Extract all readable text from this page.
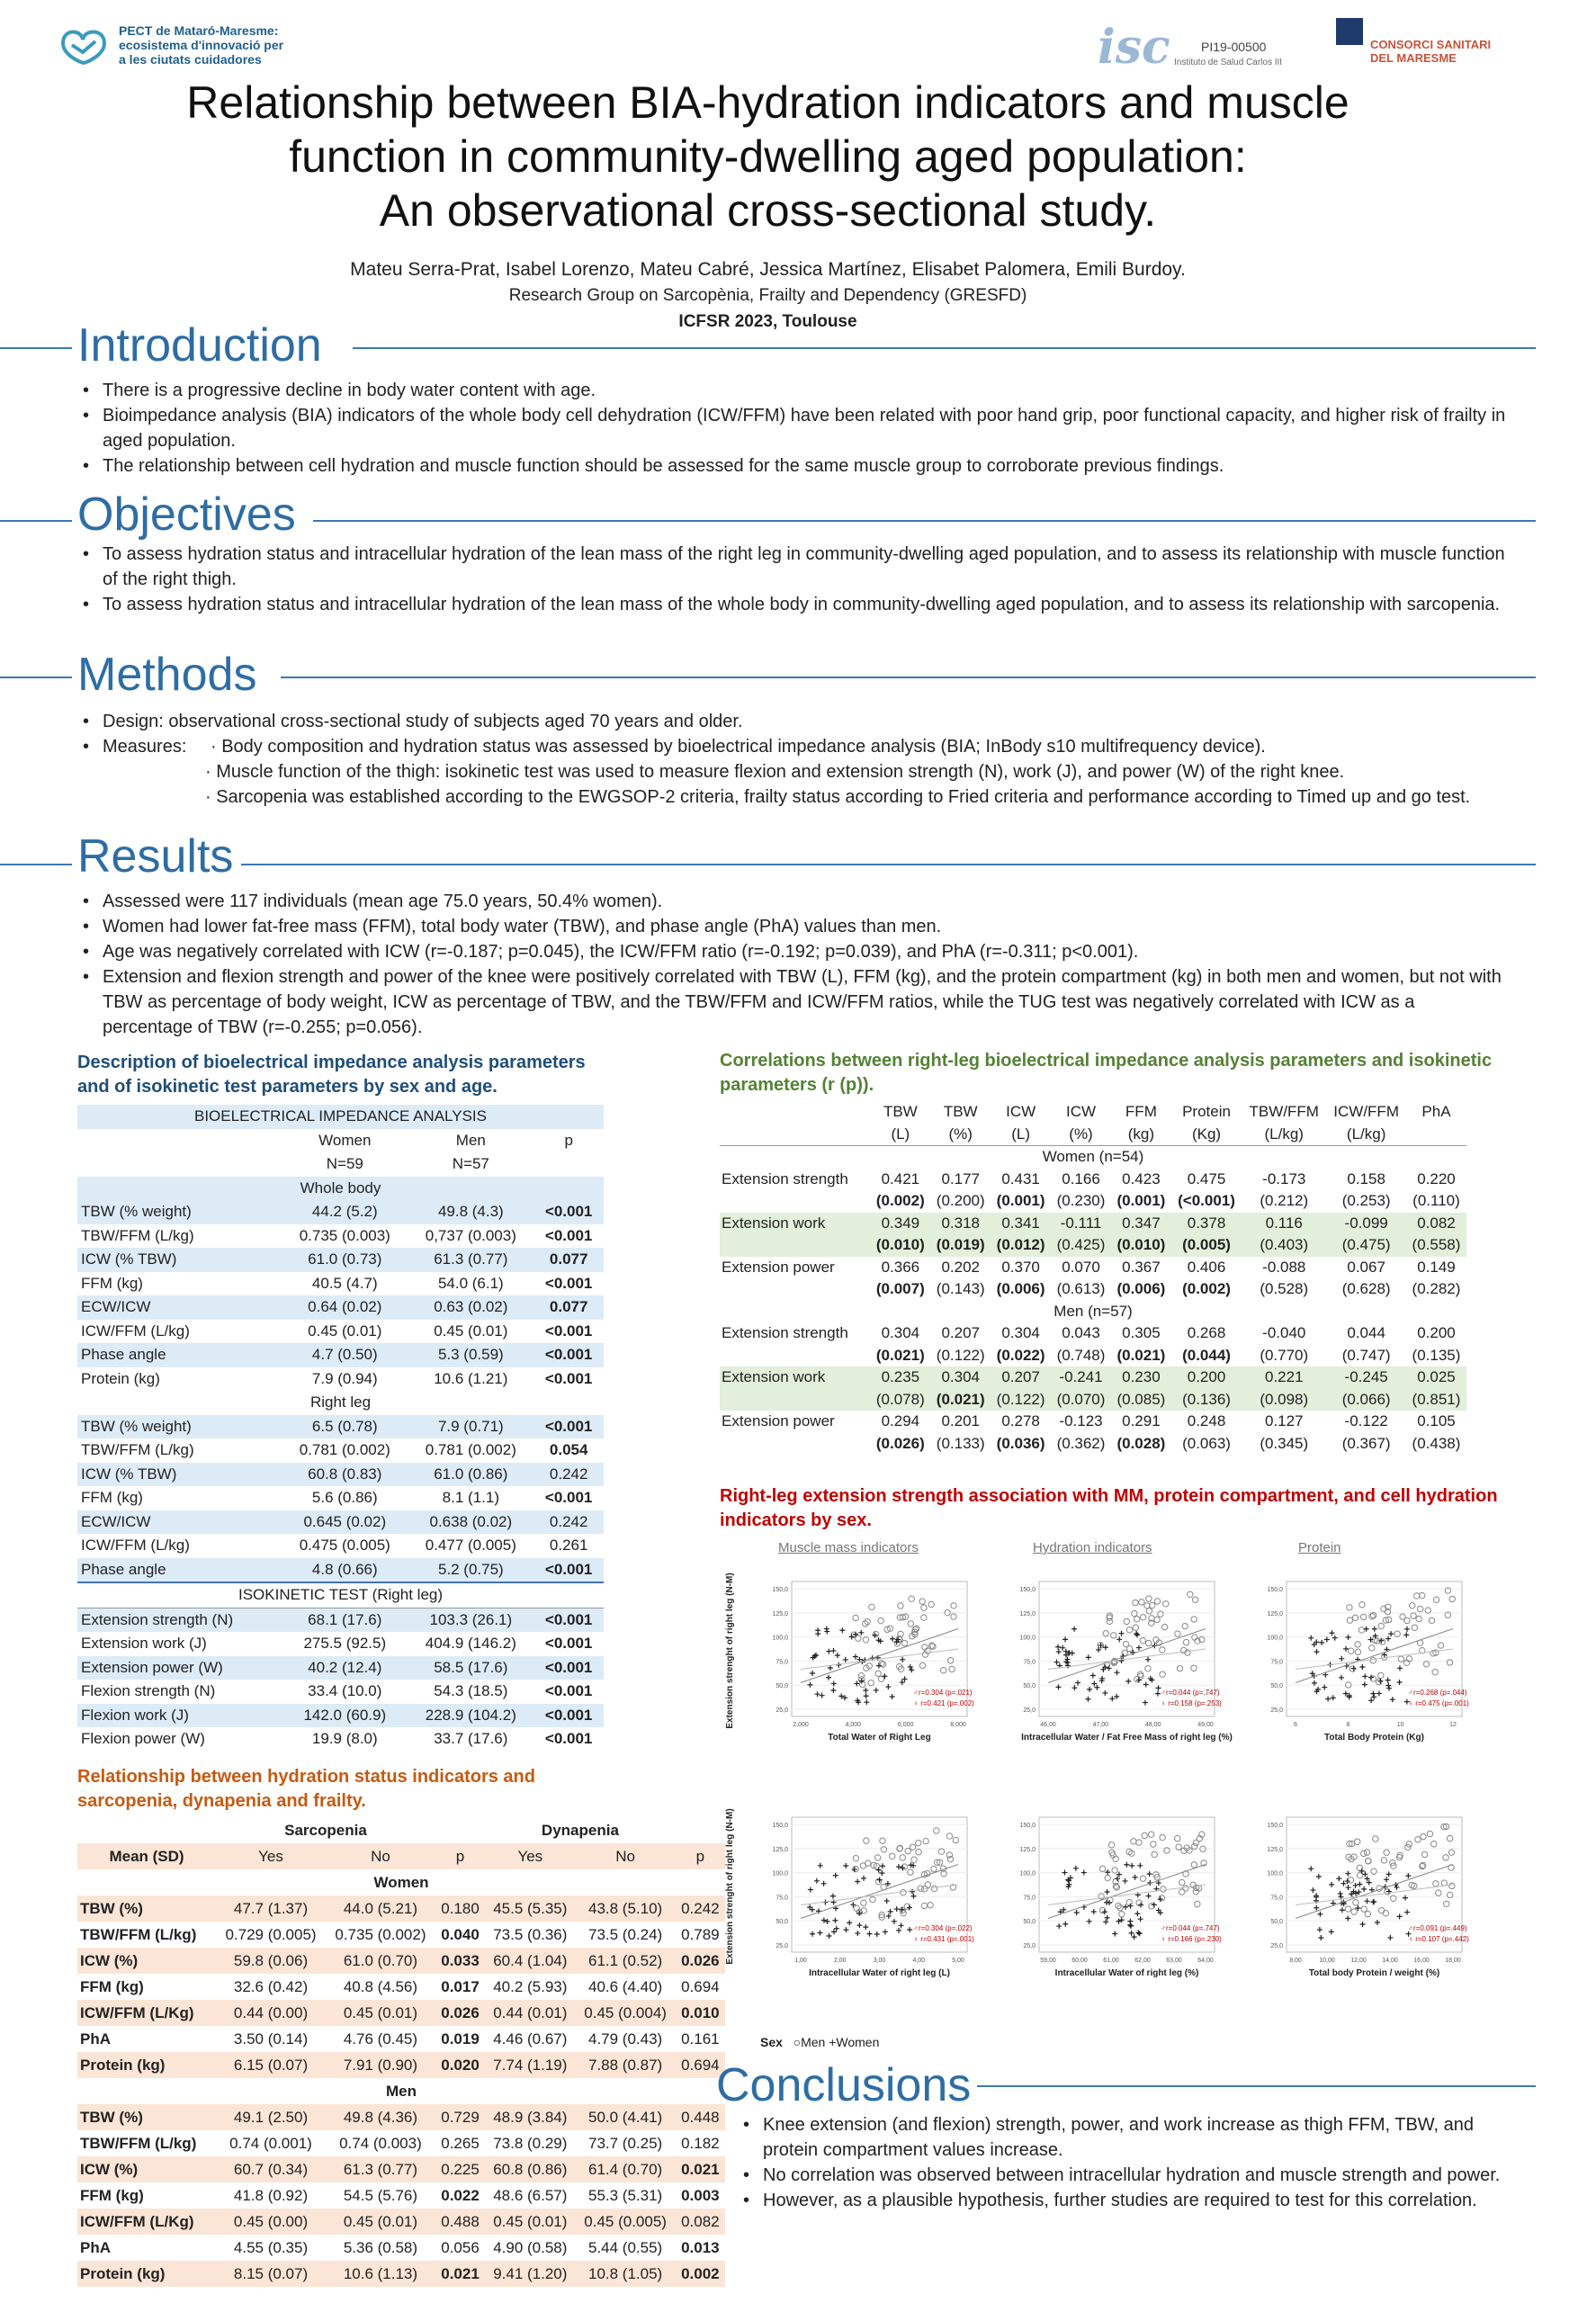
PECT de Mataró-Maresme:
ecosistema d'innovació per
a les ciutats cuidadores	isc PI19-00500
Instituto de Salud Carlos III
CONSORCI SANITARI
DEL MARESME
Relationship between BIA-hydration indicators and muscle
function in community-dwelling aged population:
An observational cross-sectional study.
Mateu Serra-Prat, Isabel Lorenzo, Mateu Cabré, Jessica Martínez, Elisabet Palomera, Emili Burdoy.
Research Group on Sarcopènia, Frailty and Dependency (GRESFD)
ICFSR 2023, Toulouse
Introduction
• There is a progressive decline in body water content with age.
• Bioimpedance analysis (BIA) indicators of the whole body cell dehydration (ICW/FFM) have been related with poor hand grip, poor functional capacity, and higher risk of frailty in aged population.
• The relationship between cell hydration and muscle function should be assessed for the same muscle group to corroborate previous findings.
Objectives
• To assess hydration status and intracellular hydration of the lean mass of the right leg in community-dwelling aged population, and to assess its relationship with muscle function of the right thigh.
• To assess hydration status and intracellular hydration of the lean mass of the whole body in community-dwelling aged population, and to assess its relationship with sarcopenia.
Methods
• Design: observational cross-sectional study of subjects aged 70 years and older.
• Measures: · Body composition and hydration status was assessed by bioelectrical impedance analysis (BIA; InBody s10 multifrequency device).
· Muscle function of the thigh: isokinetic test was used to measure flexion and extension strength (N), work (J), and power (W) of the right knee.
· Sarcopenia was established according to the EWGSOP-2 criteria, frailty status according to Fried criteria and performance according to Timed up and go test.
Results
• Assessed were 117 individuals (mean age 75.0 years, 50.4% women).
• Women had lower fat-free mass (FFM), total body water (TBW), and phase angle (PhA) values than men.
• Age was negatively correlated with ICW (r=-0.187; p=0.045), the ICW/FFM ratio (r=-0.192; p=0.039), and PhA (r=-0.311; p<0.001).
• Extension and flexion strength and power of the knee were positively correlated with TBW (L), FFM (kg), and the protein compartment (kg) in both men and women, but not with TBW as percentage of body weight, ICW as percentage of TBW, and the TBW/FFM and ICW/FFM ratios, while the TUG test was negatively correlated with ICW as a percentage of TBW (r=-0.255; p=0.056).
Description of bioelectrical impedance analysis parameters and of isokinetic test parameters by sex and age.
BIOELECTRICAL IMPEDANCE ANALYSIS			
	Women	Men	p
	N=59	N=57	
Whole body			
TBW (% weight)	44.2 (5.2)	49.8 (4.3)	<0.001
TBW/FFM (L/kg)	0.735 (0.003)	0,737 (0.003)	<0.001
ICW (% TBW)	61.0 (0.73)	61.3 (0.77)	0.077
FFM (kg)	40.5 (4.7)	54.0 (6.1)	<0.001
ECW/ICW	0.64 (0.02)	0.63 (0.02)	0.077
ICW/FFM (L/kg)	0.45 (0.01)	0.45 (0.01)	<0.001
Phase angle	4.7 (0.50)	5.3 (0.59)	<0.001
Protein (kg)	7.9 (0.94)	10.6 (1.21)	<0.001
Right leg			
TBW (% weight)	6.5 (0.78)	7.9 (0.71)	<0.001
TBW/FFM (L/kg)	0.781 (0.002)	0.781 (0.002)	0.054
ICW (% TBW)	60.8 (0.83)	61.0 (0.86)	0.242
FFM (kg)	5.6 (0.86)	8.1 (1.1)	<0.001
ECW/ICW	0.645 (0.02)	0.638 (0.02)	0.242
ICW/FFM (L/kg)	0.475 (0.005)	0.477 (0.005)	0.261
Phase angle	4.8 (0.66)	5.2 (0.75)	<0.001
ISOKINETIC TEST (Right leg)			
Extension strength (N)	68.1 (17.6)	103.3 (26.1)	<0.001
Extension work (J)	275.5 (92.5)	404.9 (146.2)	<0.001
Extension power (W)	40.2 (12.4)	58.5 (17.6)	<0.001
Flexion strength (N)	33.4 (10.0)	54.3 (18.5)	<0.001
Flexion work (J)	142.0 (60.9)	228.9 (104.2)	<0.001
Flexion power (W)	19.9 (8.0)	33.7 (17.6)	<0.001
Relationship between hydration status indicators and sarcopenia, dynapenia and frailty.
	Sarcopenia			Dynapenia		
Mean (SD)	Yes	No	p	Yes	No	p
Women						
TBW (%)	47.7 (1.37)	44.0 (5.21)	0.180	45.5 (5.35)	43.8 (5.10)	0.242
TBW/FFM (L/kg)	0.729 (0.005)	0.735 (0.002)	0.040	73.5 (0.36)	73.5 (0.24)	0.789
ICW (%)	59.8 (0.06)	61.0 (0.70)	0.033	60.4 (1.04)	61.1 (0.52)	0.026
FFM (kg)	32.6 (0.42)	40.8 (4.56)	0.017	40.2 (5.93)	40.6 (4.40)	0.694
ICW/FFM (L/Kg)	0.44 (0.00)	0.45 (0.01)	0.026	0.44 (0.01)	0.45 (0.004)	0.010
PhA	3.50 (0.14)	4.76 (0.45)	0.019	4.46 (0.67)	4.79 (0.43)	0.161
Protein (kg)	6.15 (0.07)	7.91 (0.90)	0.020	7.74 (1.19)	7.88 (0.87)	0.694
Men						
TBW (%)	49.1 (2.50)	49.8 (4.36)	0.729	48.9 (3.84)	50.0 (4.41)	0.448
TBW/FFM (L/kg)	0.74 (0.001)	0.74 (0.003)	0.265	73.8 (0.29)	73.7 (0.25)	0.182
ICW (%)	60.7 (0.34)	61.3 (0.77)	0.225	60.8 (0.86)	61.4 (0.70)	0.021
FFM (kg)	41.8 (0.92)	54.5 (5.76)	0.022	48.6 (6.57)	55.3 (5.31)	0.003
ICW/FFM (L/Kg)	0.45 (0.00)	0.45 (0.01)	0.488	0.45 (0.01)	0.45 (0.005)	0.082
PhA	4.55 (0.35)	5.36 (0.58)	0.056	4.90 (0.58)	5.44 (0.55)	0.013
Protein (kg)	8.15 (0.07)	10.6 (1.13)	0.021	9.41 (1.20)	10.8 (1.05)	0.002
Correlations between right-leg bioelectrical impedance analysis parameters and isokinetic parameters (r (p)).
	TBW	TBW	ICW	ICW	FFM	Protein	TBW/FFM	ICW/FFM	PhA
	(L)	(%)	(L)	(%)	(kg)	(Kg)	(L/kg)	(L/kg)	
Women (n=54)									
Extension strength	0.421	0.177	0.431	0.166	0.423	0.475	-0.173	0.158	0.220
	(0.002)	(0.200)	(0.001)	(0.230)	(0.001)	(<0.001)	(0.212)	(0.253)	(0.110)
Extension work	0.349	0.318	0.341	-0.111	0.347	0.378	0.116	-0.099	0.082
	(0.010)	(0.019)	(0.012)	(0.425)	(0.010)	(0.005)	(0.403)	(0.475)	(0.558)
Extension power	0.366	0.202	0.370	0.070	0.367	0.406	-0.088	0.067	0.149
	(0.007)	(0.143)	(0.006)	(0.613)	(0.006)	(0.002)	(0.528)	(0.628)	(0.282)
Men (n=57)									
Extension strength	0.304	0.207	0.304	0.043	0.305	0.268	-0.040	0.044	0.200
	(0.021)	(0.122)	(0.022)	(0.748)	(0.021)	(0.044)	(0.770)	(0.747)	(0.135)
Extension work	0.235	0.304	0.207	-0.241	0.230	0.200	0.221	-0.245	0.025
	(0.078)	(0.021)	(0.122)	(0.070)	(0.085)	(0.136)	(0.098)	(0.066)	(0.851)
Extension power	0.294	0.201	0.278	-0.123	0.291	0.248	0.127	-0.122	0.105
	(0.026)	(0.133)	(0.036)	(0.362)	(0.028)	(0.063)	(0.345)	(0.367)	(0.438)
Right-leg extension strength association with MM, protein compartment, and cell hydration indicators by sex.
Muscle mass indicators	Hydration indicators	Protein
Extension strenght of right leg (N-M)
Extension strenght of right leg (N-M)
150,0
125,0
100,0
75,0
50,0
25,0
2,000	4,000	6,000	8,000
Total Water of Right Leg
♂r=0.304 (p=.021)
♀ r=0.421 (p=.002)
150,0
125,0
100,0
75,0
50,0
25,0
46,00	47,00	48,00	49,00
Intracellular Water / Fat Free Mass of right leg (%)
♂r=0.044 (p=.747)
♀ r=0.158 (p=.253)
150,0
125,0
100,0
75,0
50,0
25,0
6	8	10	12
Total Body Protein (Kg)
♂r=0.268 (p=.044)
♀ r=0.475 (p=.001)
150,0
125,0
100,0
75,0
50,0
25,0
1,00	2,00	3,00	4,00	5,00
Intracellular Water of right leg (L)
♂r=0.304 (p=.022)
♀ r=0.431 (p=.001)
150,0
125,0
100,0
75,0
50,0
25,0
59,00 60,00 61,00 62,00 63,00 64,00
Intracellular Water of right leg (%)
♂r=0.044 (p=.747)
♀ r=0.166 (p=.230)
150,0
125,0
100,0
75,0
50,0
25,0
8,00	10,00 12,00 14,00 16,00 18,00
Total body Protein / weight (%)
♂r=0.091 (p=.449)
♀ r=0.107 (p=.442)
Sex ○Men +Women
Conclusions
• Knee extension (and flexion) strength, power, and work increase as thigh FFM, TBW, and protein compartment values increase.
• No correlation was observed between intracellular hydration and muscle strength and power.
• However, as a plausible hypothesis, further studies are required to test for this correlation.
